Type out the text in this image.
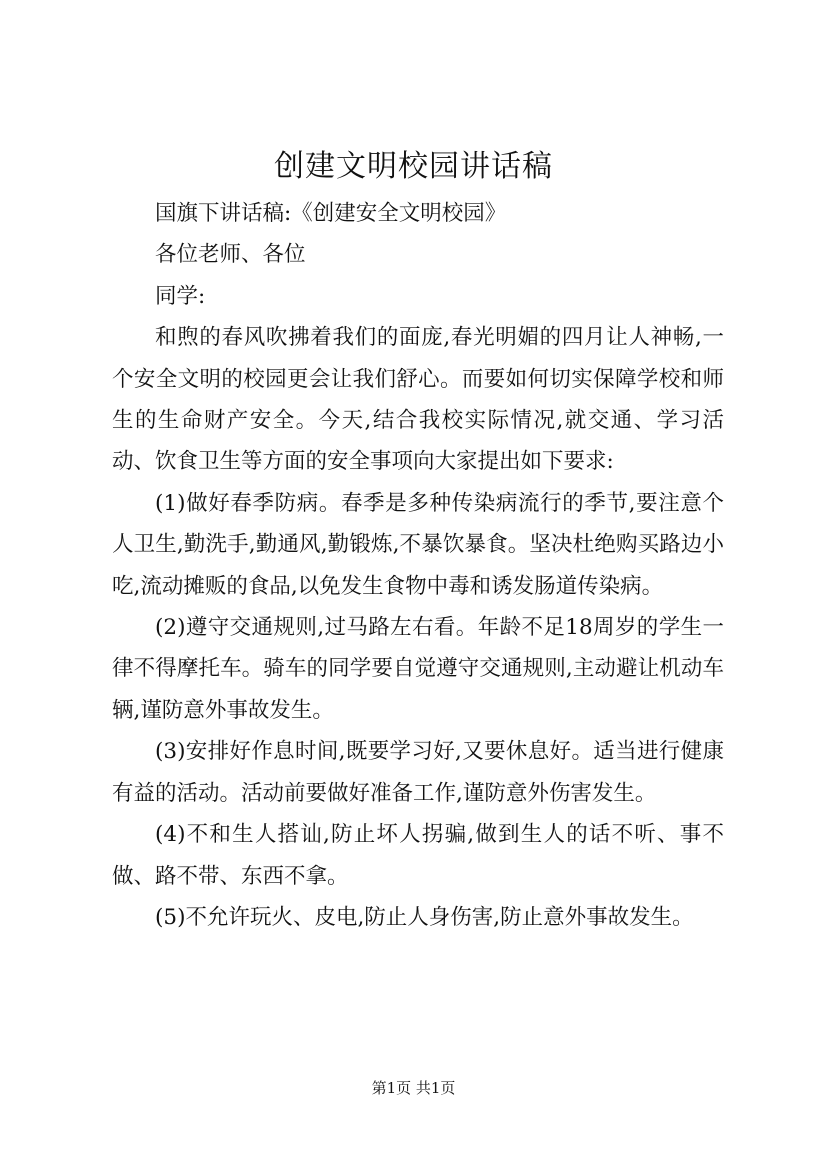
创建文明校园讲话稿

国旗下讲话稿:《创建安全文明校园》

各位老师、各位

同学:

和煦的春风吹拂着我们的面庞,春光明媚的四月让人神畅,一个安全文明的校园更会让我们舒心。而要如何切实保障学校和师生的生命财产安全。今天,结合我校实际情况,就交通、学习活动、饮食卫生等方面的安全事项向大家提出如下要求:

(1)做好春季防病。春季是多种传染病流行的季节,要注意个人卫生,勤洗手,勤通风,勤锻炼,不暴饮暴食。坚决杜绝购买路边小吃,流动摊贩的食品,以免发生食物中毒和诱发肠道传染病。

(2)遵守交通规则,过马路左右看。年龄不足18周岁的学生一律不得摩托车。骑车的同学要自觉遵守交通规则,主动避让机动车辆,谨防意外事故发生。

(3)安排好作息时间,既要学习好,又要休息好。适当进行健康有益的活动。活动前要做好准备工作,谨防意外伤害发生。

(4)不和生人搭讪,防止坏人拐骗,做到生人的话不听、事不做、路不带、东西不拿。

(5)不允许玩火、皮电,防止人身伤害,防止意外事故发生。

第1页 共1页
